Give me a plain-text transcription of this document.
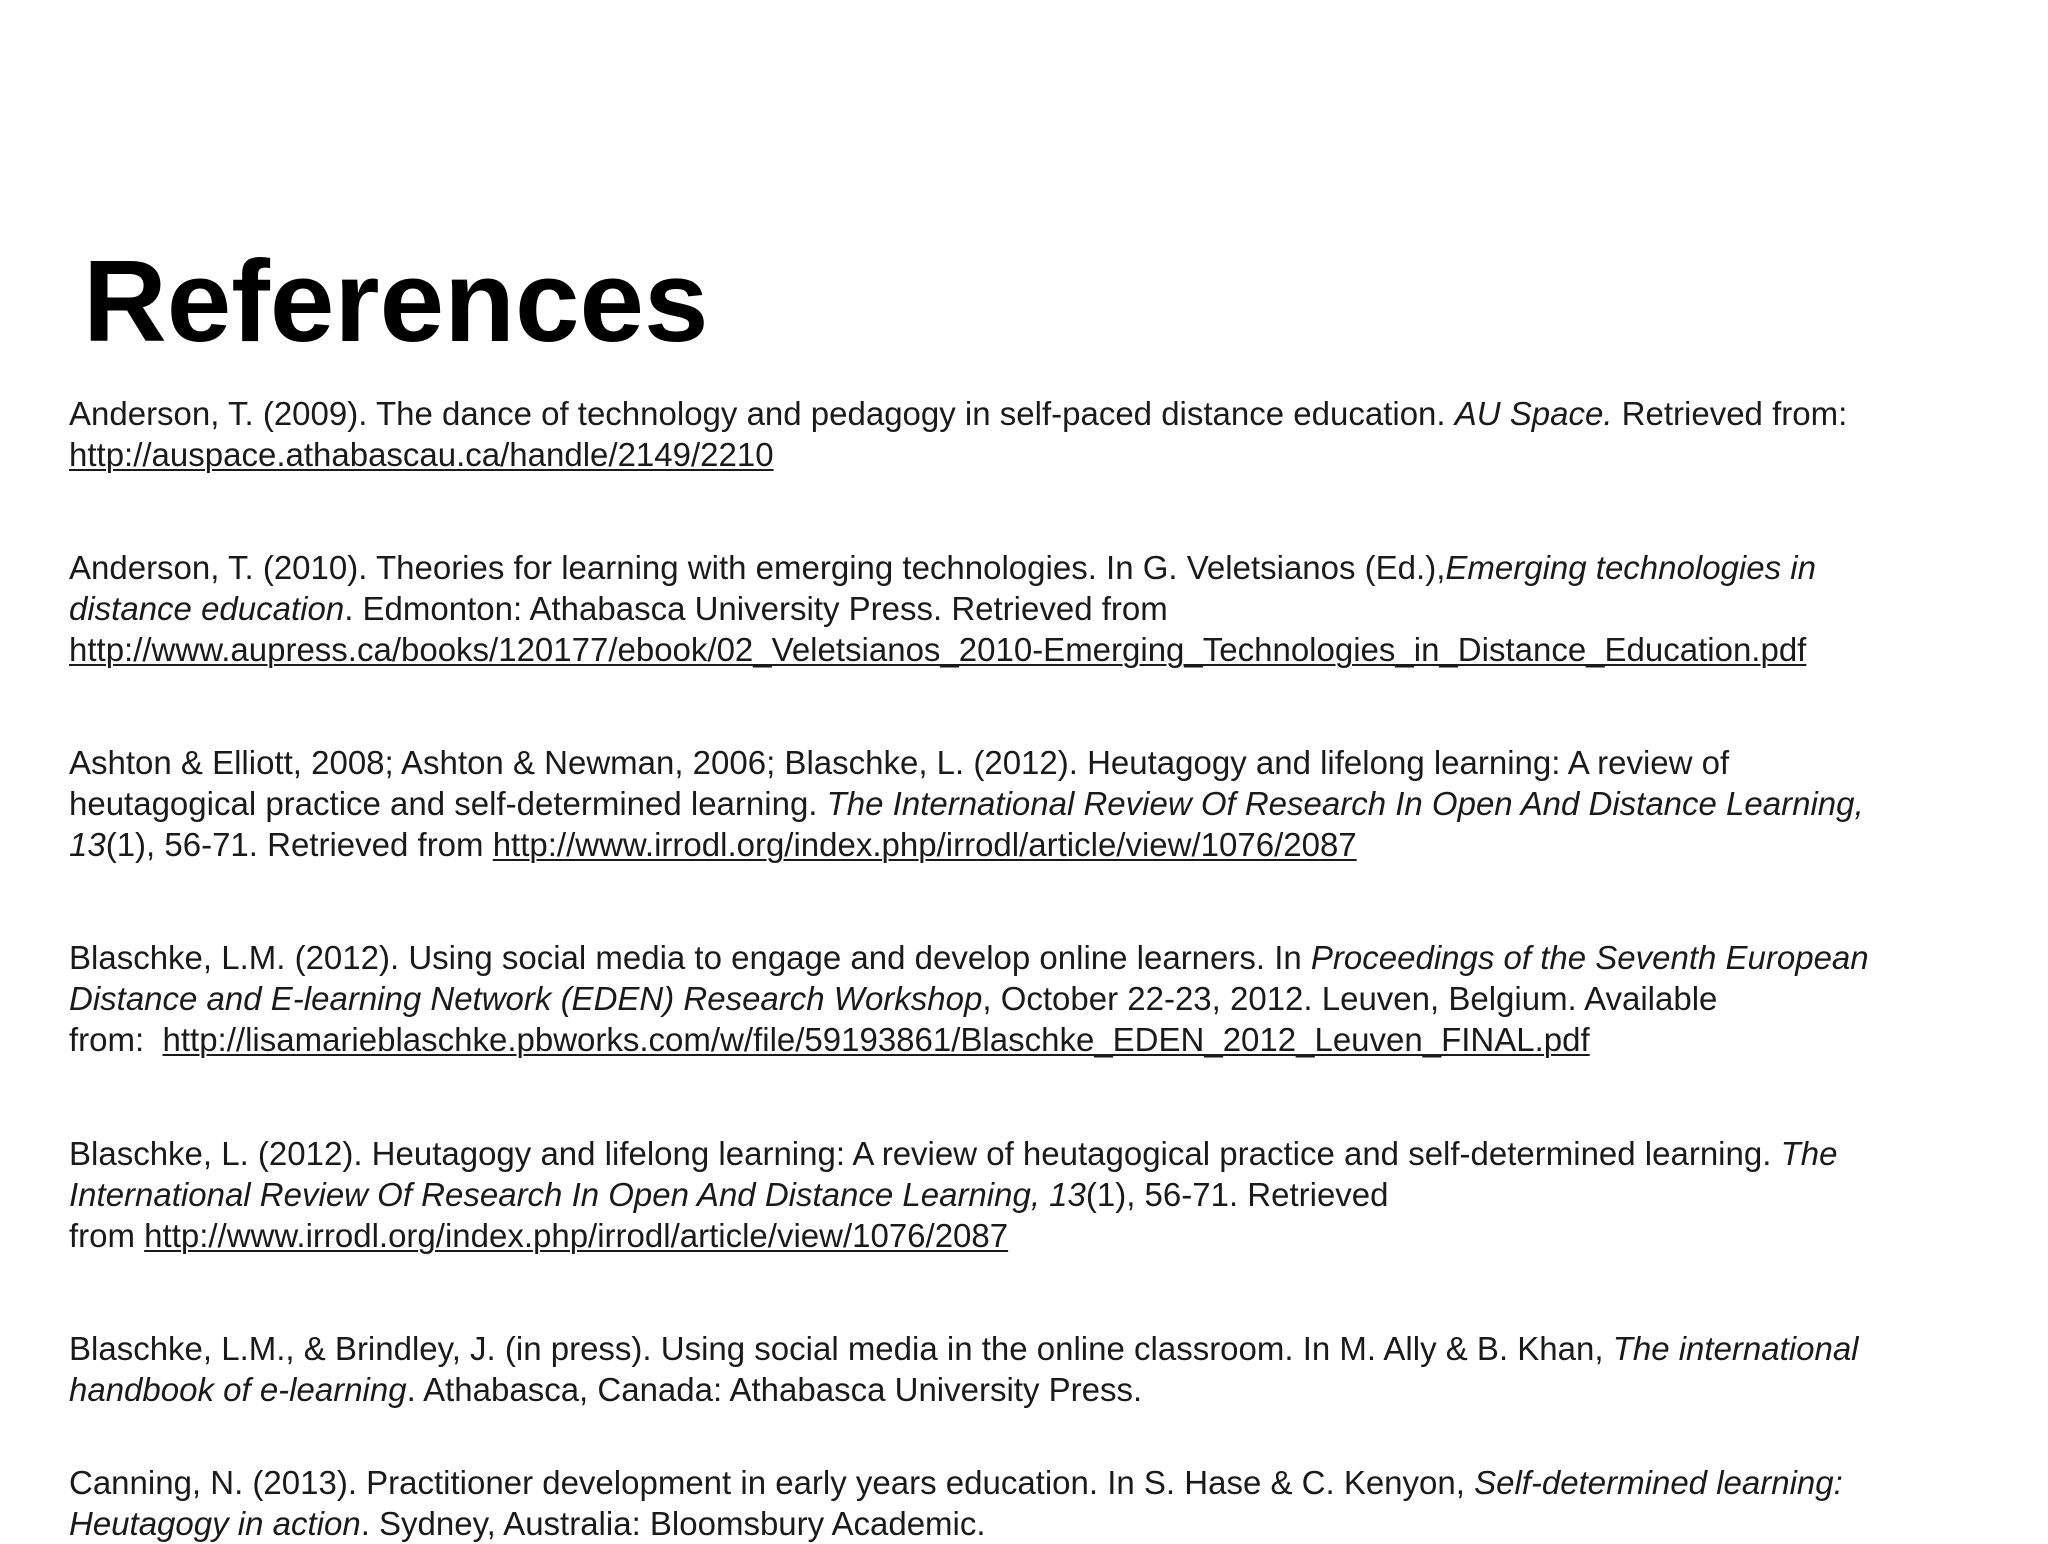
References

Anderson, T. (2009). The dance of technology and pedagogy in self-paced distance education. AU Space. Retrieved from:
http://auspace.athabascau.ca/handle/2149/2210

Anderson, T. (2010). Theories for learning with emerging technologies. In G. Veletsianos (Ed.),Emerging technologies in
distance education. Edmonton: Athabasca University Press. Retrieved from
http://www.aupress.ca/books/120177/ebook/02_Veletsianos_2010-Emerging_Technologies_in_Distance_Education.pdf

Ashton & Elliott, 2008; Ashton & Newman, 2006; Blaschke, L. (2012). Heutagogy and lifelong learning: A review of
heutagogical practice and self-determined learning. The International Review Of Research In Open And Distance Learning,
13(1), 56-71. Retrieved from http://www.irrodl.org/index.php/irrodl/article/view/1076/2087

Blaschke, L.M. (2012). Using social media to engage and develop online learners. In Proceedings of the Seventh European
Distance and E-learning Network (EDEN) Research Workshop, October 22-23, 2012. Leuven, Belgium. Available
from:  http://lisamarieblaschke.pbworks.com/w/file/59193861/Blaschke_EDEN_2012_Leuven_FINAL.pdf

Blaschke, L. (2012). Heutagogy and lifelong learning: A review of heutagogical practice and self-determined learning. The
International Review Of Research In Open And Distance Learning, 13(1), 56-71. Retrieved
from http://www.irrodl.org/index.php/irrodl/article/view/1076/2087

Blaschke, L.M., & Brindley, J. (in press). Using social media in the online classroom. In M. Ally & B. Khan, The international
handbook of e-learning. Athabasca, Canada: Athabasca University Press.

Canning, N. (2013). Practitioner development in early years education. In S. Hase & C. Kenyon, Self-determined learning:
Heutagogy in action. Sydney, Australia: Bloomsbury Academic.
